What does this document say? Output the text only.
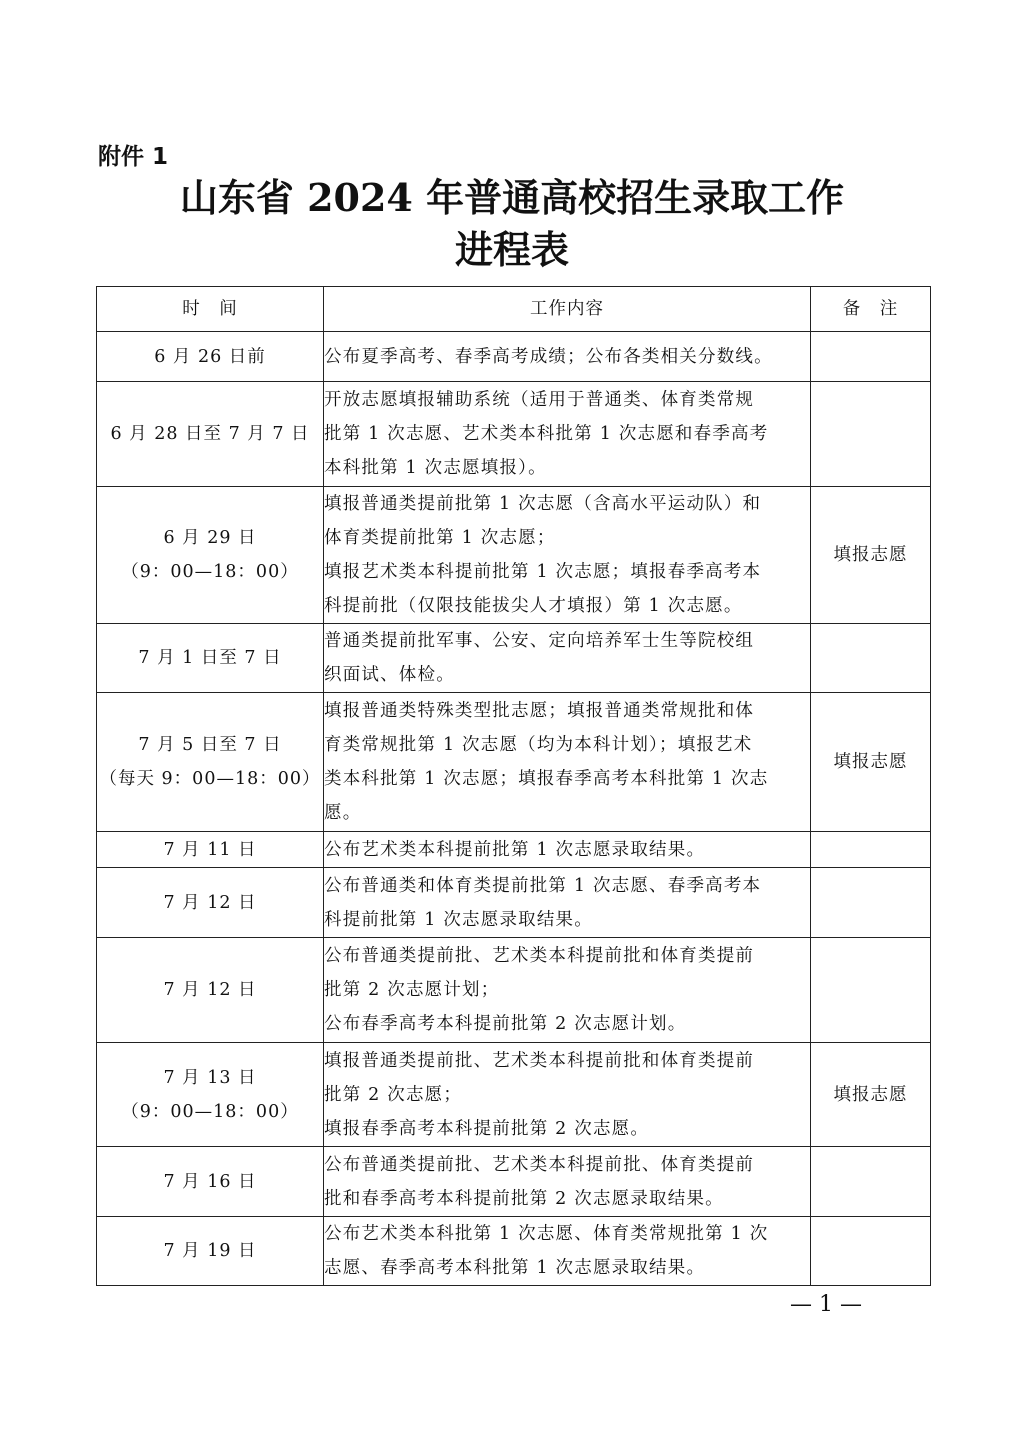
附件 1
山东省 2024 年普通高校招生录取工作
进程表
时　间	工作内容	备　注
6 月 26 日前	公布夏季高考、春季高考成绩；公布各类相关分数线。	

6 月 28 日至 7 月 7 日	开放志愿填报辅助系统（适用于普通类、体育类常规
批第 1 次志愿、艺术类本科批第 1 次志愿和春季高考
本科批第 1 次志愿填报）。	

6 月 29 日
（9：00—18：00）	填报普通类提前批第 1 次志愿（含高水平运动队）和
体育类提前批第 1 次志愿；
填报艺术类本科提前批第 1 次志愿；填报春季高考本
科提前批（仅限技能拔尖人才填报）第 1 次志愿。	填报志愿
7 月 1 日至 7 日	普通类提前批军事、公安、定向培养军士生等院校组
织面试、体检。	

7 月 5 日至 7 日
（每天 9：00—18：00）	填报普通类特殊类型批志愿；填报普通类常规批和体
育类常规批第 1 次志愿（均为本科计划）；填报艺术
类本科批第 1 次志愿；填报春季高考本科批第 1 次志
愿。	填报志愿
7 月 11 日	公布艺术类本科提前批第 1 次志愿录取结果。	

7 月 12 日	公布普通类和体育类提前批第 1 次志愿、春季高考本
科提前批第 1 次志愿录取结果。	

7 月 12 日	公布普通类提前批、艺术类本科提前批和体育类提前
批第 2 次志愿计划；
公布春季高考本科提前批第 2 次志愿计划。	

7 月 13 日
（9：00—18：00）	填报普通类提前批、艺术类本科提前批和体育类提前
批第 2 次志愿；
填报春季高考本科提前批第 2 次志愿。	填报志愿
7 月 16 日	公布普通类提前批、艺术类本科提前批、体育类提前
批和春季高考本科提前批第 2 次志愿录取结果。	

7 月 19 日	公布艺术类本科批第 1 次志愿、体育类常规批第 1 次
志愿、春季高考本科批第 1 次志愿录取结果。	

— 1 —
